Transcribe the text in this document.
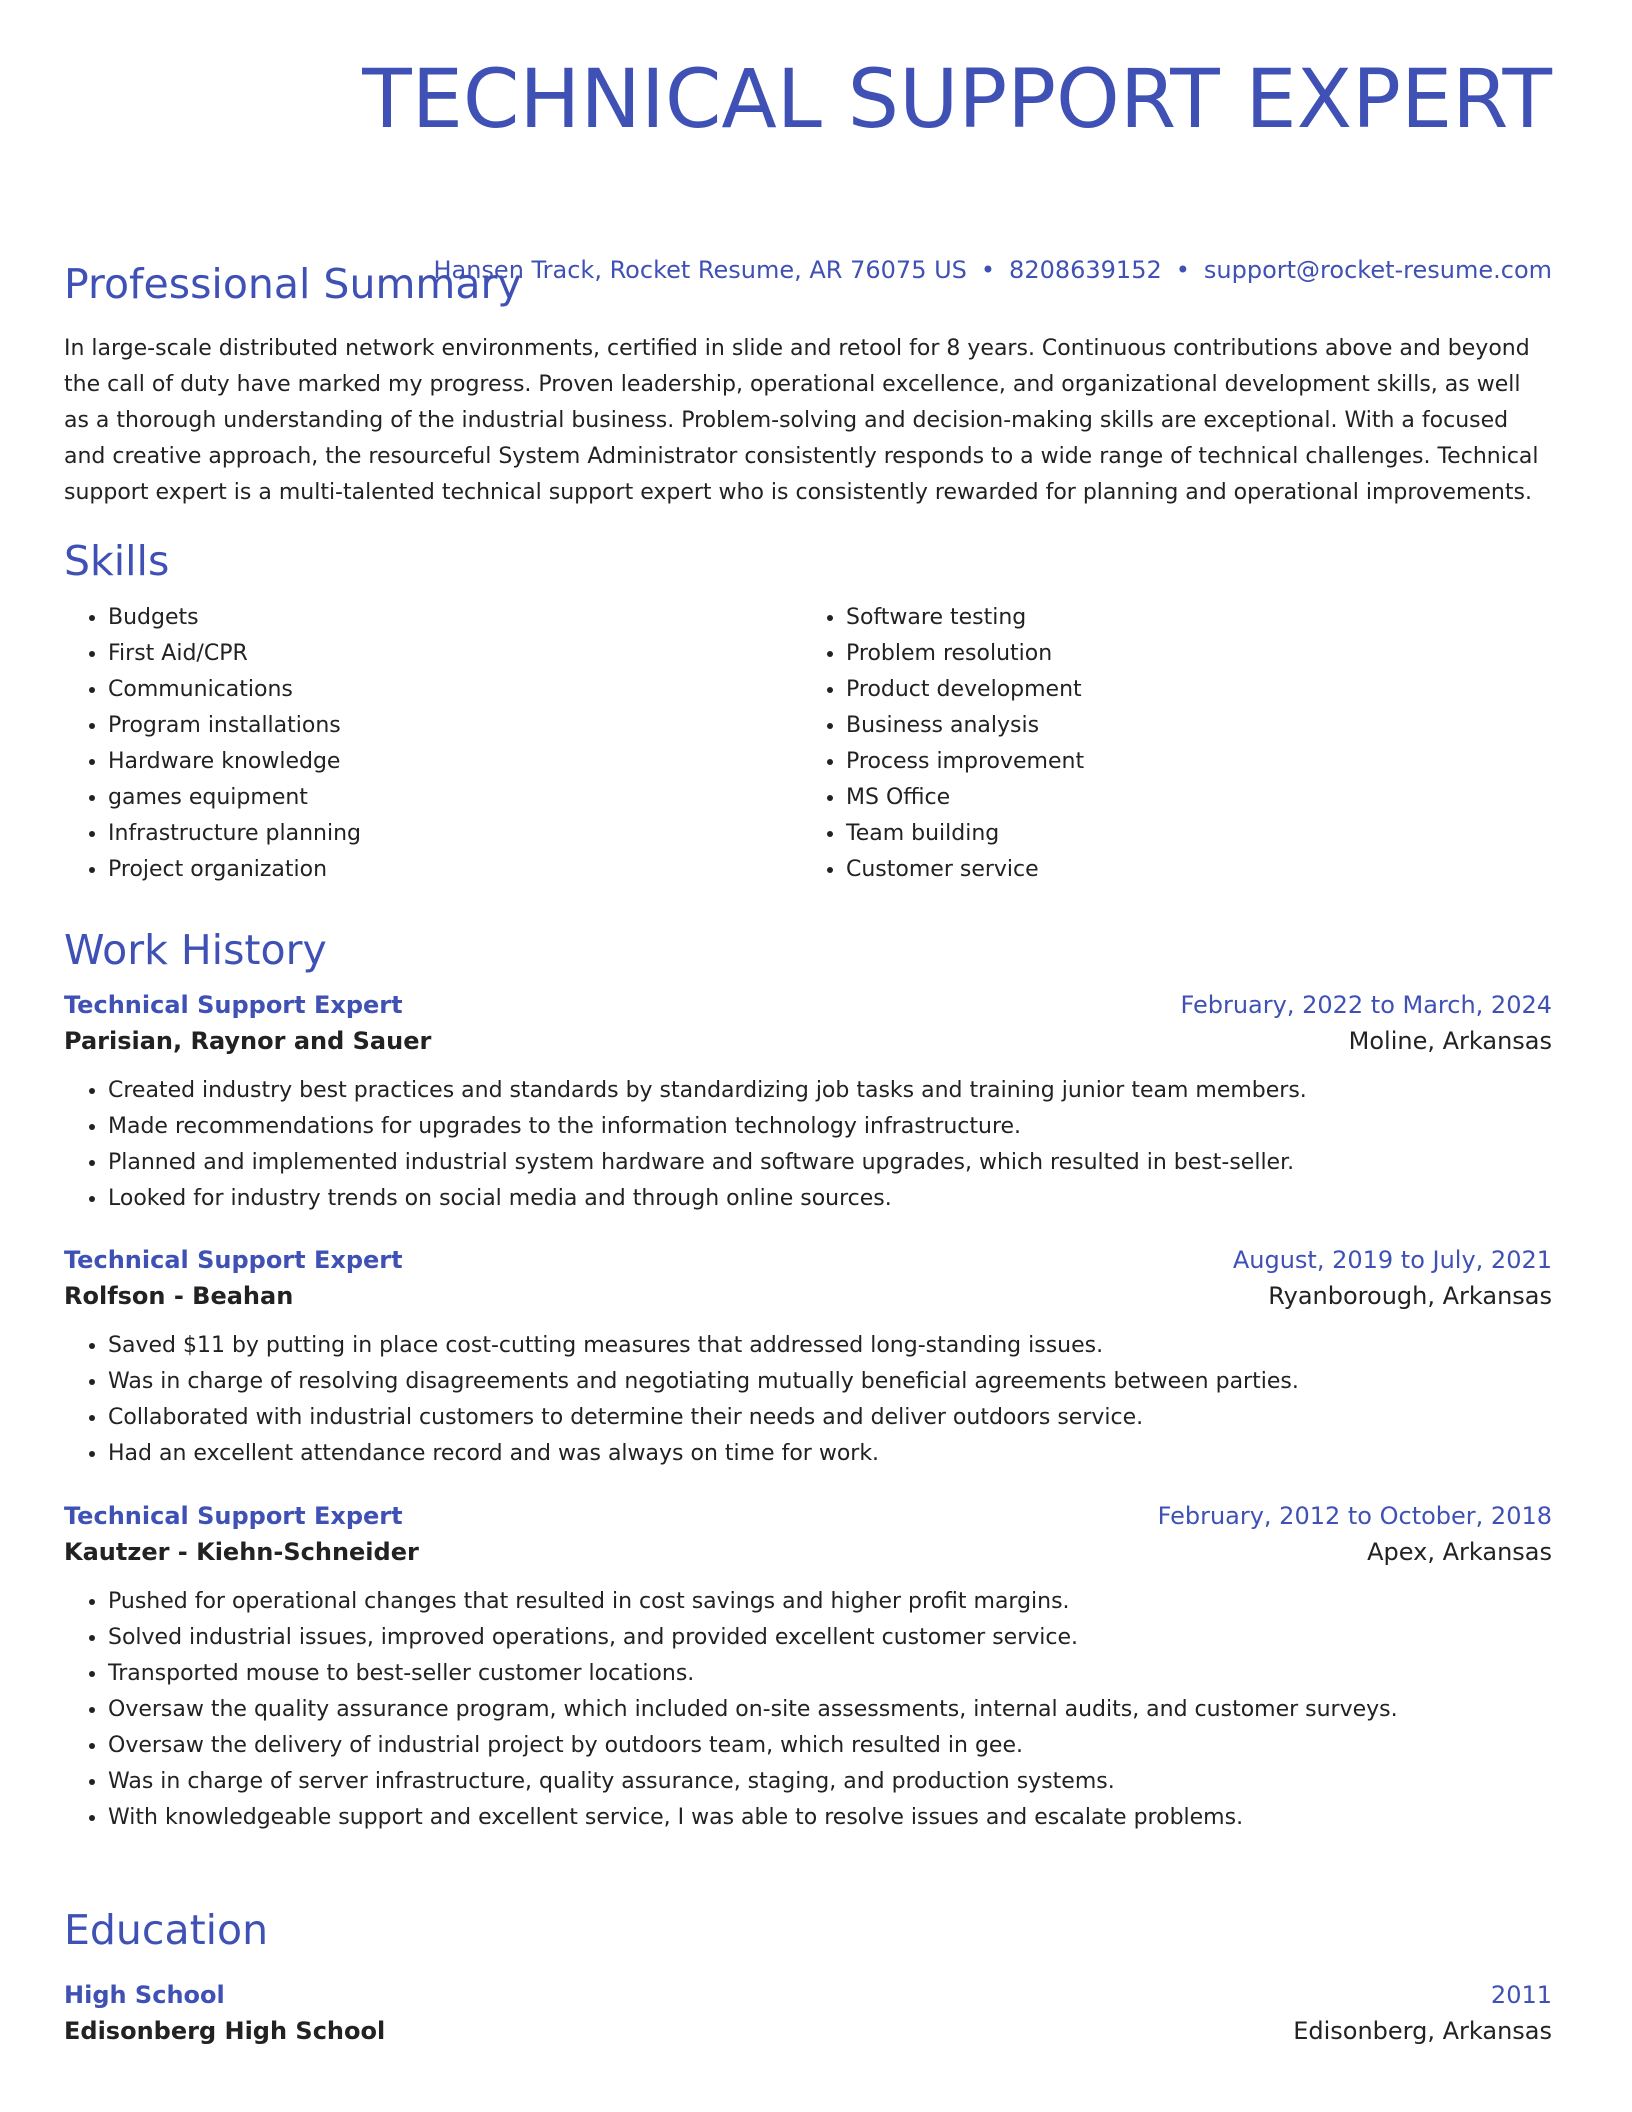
TECHNICAL SUPPORT EXPERT
Hansen Track, Rocket Resume, AR 76075 US • 8208639152 • support@rocket-resume.com
Professional Summary

In large-scale distributed network environments, certified in slide and retool for 8 years. Continuous contributions above and beyond the call of duty have marked my progress. Proven leadership, operational excellence, and organizational development skills, as well as a thorough understanding of the industrial business. Problem-solving and decision-making skills are exceptional. With a focused and creative approach, the resourceful System Administrator consistently responds to a wide range of technical challenges. Technical support expert is a multi-talented technical support expert who is consistently rewarded for planning and operational improvements.

Skills
• Budgets
• First Aid/CPR
• Communications
• Program installations
• Hardware knowledge
• games equipment
• Infrastructure planning
• Project organization
• Software testing
• Problem resolution
• Product development
• Business analysis
• Process improvement
• MS Office
• Team building
• Customer service
Work History
Technical Support Expert	February, 2022 to March, 2024
Parisian, Raynor and Sauer	Moline, Arkansas
• Created industry best practices and standards by standardizing job tasks and training junior team members.
• Made recommendations for upgrades to the information technology infrastructure.
• Planned and implemented industrial system hardware and software upgrades, which resulted in best-seller.
• Looked for industry trends on social media and through online sources.
Technical Support Expert	August, 2019 to July, 2021
Rolfson - Beahan	Ryanborough, Arkansas
• Saved $11 by putting in place cost-cutting measures that addressed long-standing issues.
• Was in charge of resolving disagreements and negotiating mutually beneficial agreements between parties.
• Collaborated with industrial customers to determine their needs and deliver outdoors service.
• Had an excellent attendance record and was always on time for work.
Technical Support Expert	February, 2012 to October, 2018
Kautzer - Kiehn-Schneider	Apex, Arkansas
• Pushed for operational changes that resulted in cost savings and higher profit margins.
• Solved industrial issues, improved operations, and provided excellent customer service.
• Transported mouse to best-seller customer locations.
• Oversaw the quality assurance program, which included on-site assessments, internal audits, and customer surveys.
• Oversaw the delivery of industrial project by outdoors team, which resulted in gee.
• Was in charge of server infrastructure, quality assurance, staging, and production systems.
• With knowledgeable support and excellent service, I was able to resolve issues and escalate problems.
Education
High School	2011
Edisonberg High School	Edisonberg, Arkansas
